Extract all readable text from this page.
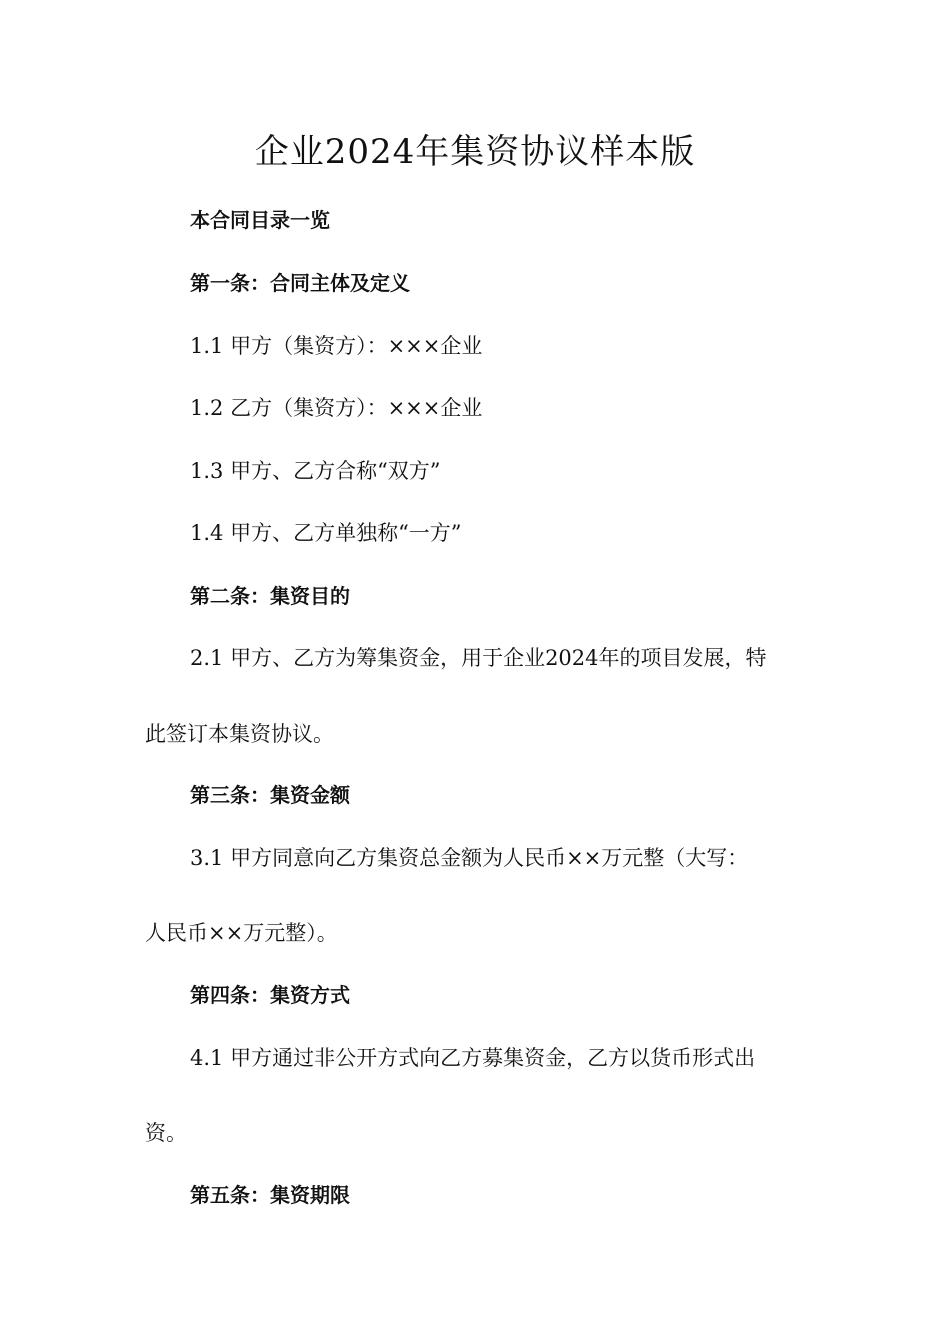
企业2024年集资协议样本版

本合同目录一览

第一条：合同主体及定义

1.1 甲方（集资方）：×××企业

1.2 乙方（集资方）：×××企业

1.3 甲方、乙方合称“双方”

1.4 甲方、乙方单独称“一方”

第二条：集资目的

2.1 甲方、乙方为筹集资金，用于企业2024年的项目发展，特

此签订本集资协议。

第三条：集资金额

3.1 甲方同意向乙方集资总金额为人民币××万元整（大写：

人民币××万元整）。

第四条：集资方式

4.1 甲方通过非公开方式向乙方募集资金，乙方以货币形式出

资。

第五条：集资期限
